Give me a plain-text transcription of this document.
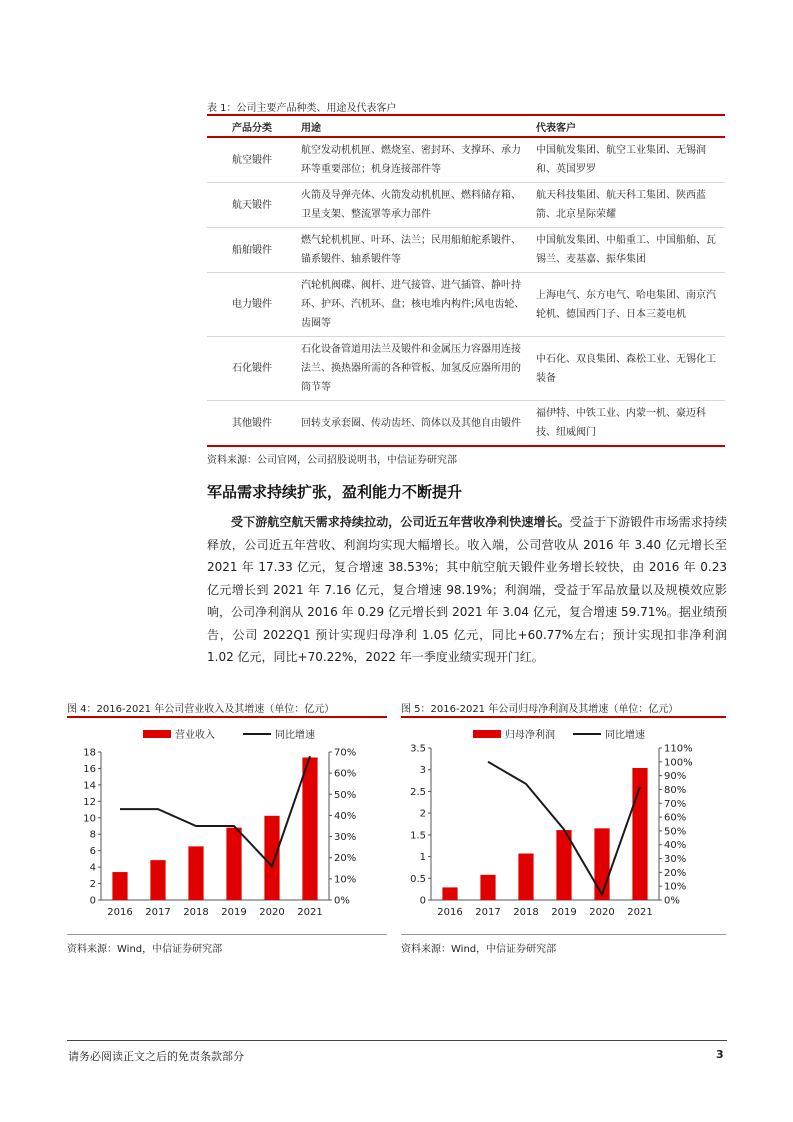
表 1：公司主要产品种类、用途及代表客户
产品分类	用途	代表客户
航空锻件	航空发动机机匣、燃烧室、密封环、支撑环、承力环等重要部位；机身连接部件等	中国航发集团、航空工业集团、无锡润和、英国罗罗
航天锻件	火箭及导弹壳体、火箭发动机机匣、燃料储存箱、卫星支架、整流罩等承力部件	航天科技集团、航天科工集团、陕西蓝箭、北京星际荣耀
船舶锻件	燃气轮机机匣、叶环、法兰；民用船舶舵系锻件、锚系锻件、轴系锻件等	中国航发集团、中船重工、中国船舶、瓦锡兰、麦基嘉、振华集团
电力锻件	汽轮机阀碟、阀杆、进气接管、进气插管、静叶持环、护环、汽机环、盘；核电堆内构件;风电齿轮、齿圈等	上海电气、东方电气、哈电集团、南京汽轮机、德国西门子、日本三菱电机
石化锻件	石化设备管道用法兰及锻件和金属压力容器用连接法兰、换热器所需的各种管板、加氢反应器所用的筒节等	中石化、双良集团、森松工业、无锡化工装备
其他锻件	回转支承套圈、传动齿坯、筒体以及其他自由锻件	福伊特、中铁工业、内蒙一机、豪迈科技、纽威阀门
资料来源：公司官网，公司招股说明书，中信证券研究部
军品需求持续扩张，盈利能力不断提升
受下游航空航天需求持续拉动，公司近五年营收净利快速增长。受益于下游锻件市场需求持续释放，公司近五年营收、利润均实现大幅增长。收入端，公司营收从 2016 年 3.40 亿元增长至 2021 年 17.33 亿元，复合增速 38.53%；其中航空航天锻件业务增长较快，由 2016 年 0.23 亿元增长到 2021 年 7.16 亿元，复合增速 98.19%；利润端，受益于军品放量以及规模效应影响，公司净利润从 2016 年 0.29 亿元增长到 2021 年 3.04 亿元，复合增速 59.71%。据业绩预告，公司 2022Q1 预计实现归母净利 1.05 亿元，同比+60.77%左右；预计实现扣非净利润 1.02 亿元，同比+70.22%，2022 年一季度业绩实现开门红。
图 4：2016-2021 年公司营业收入及其增速（单位：亿元）
营业收入	同比增速
0
2
4
6
8
10
12
14
16
18
0%
10%
20%
30%
40%
50%
60%
70%
2016 2017 2018 2019 2020 2021
资料来源：Wind，中信证券研究部
图 5：2016-2021 年公司归母净利润及其增速（单位：亿元）
归母净利润	同比增速
0
0.5
1
1.5
2
2.5
3
3.5
0%
10%
20%
30%
40%
50%
60%
70%
80%
90%
100%
110%
2016 2017 2018 2019 2020 2021
资料来源：Wind，中信证券研究部
请务必阅读正文之后的免责条款部分	3
